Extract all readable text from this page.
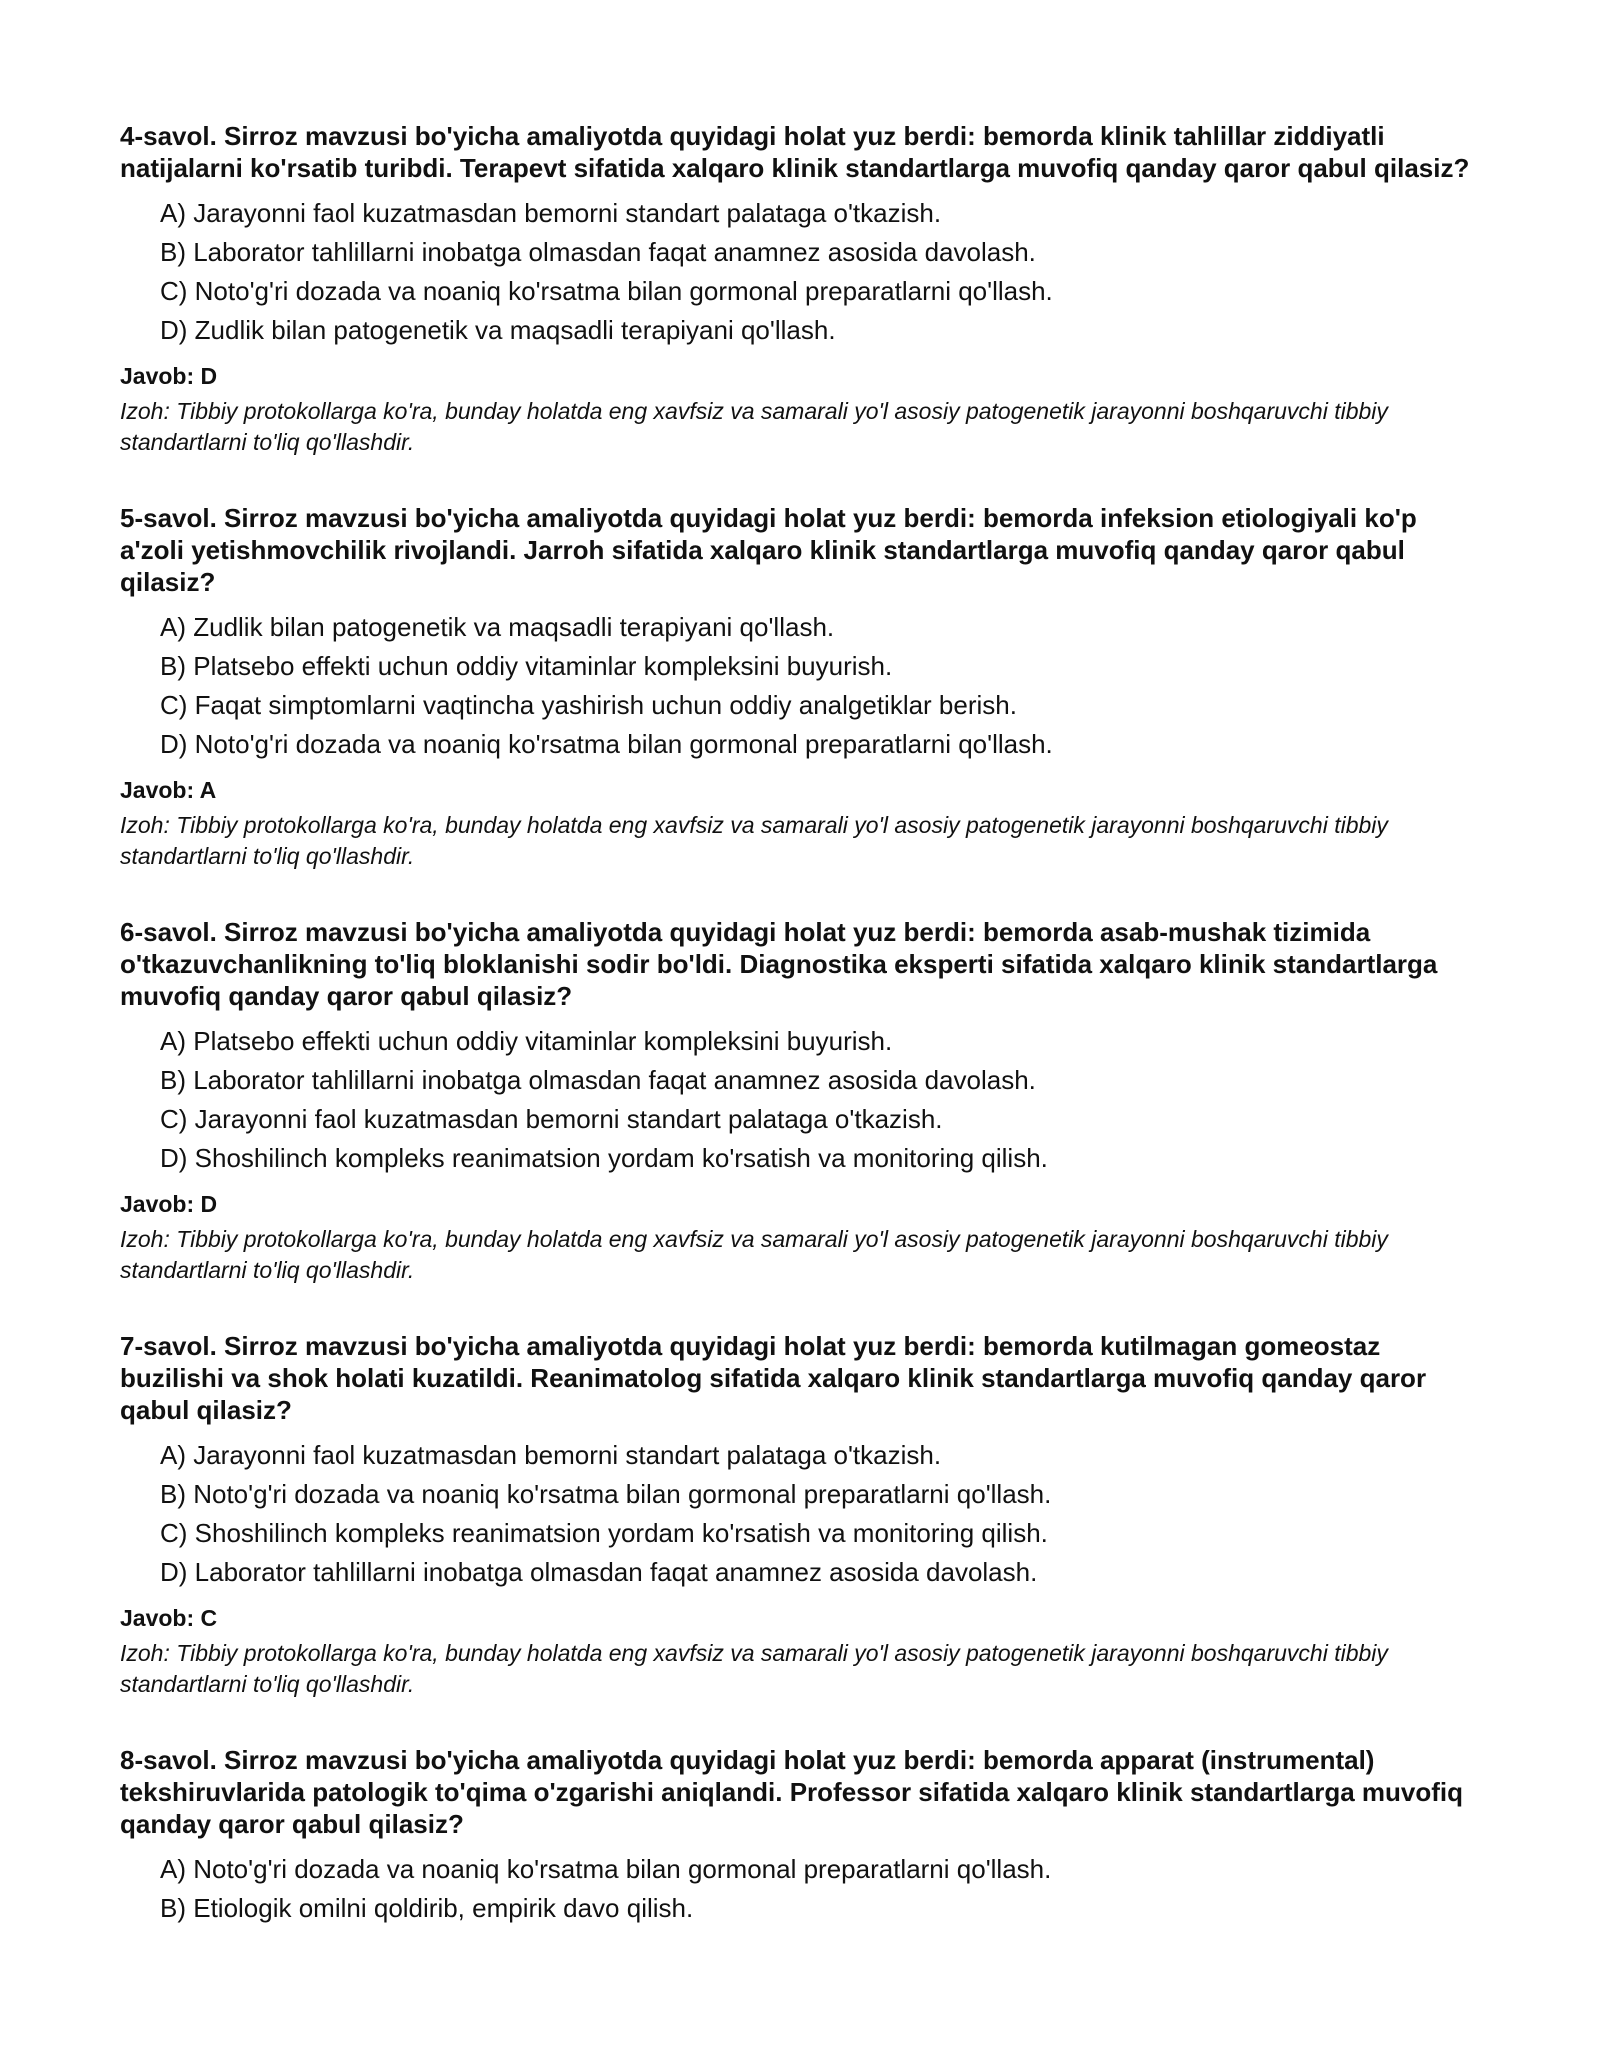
4-savol. Sirroz mavzusi bo'yicha amaliyotda quyidagi holat yuz berdi: bemorda klinik tahlillar ziddiyatli natijalarni ko'rsatib turibdi. Terapevt sifatida xalqaro klinik standartlarga muvofiq qanday qaror qabul qilasiz?

A) Jarayonni faol kuzatmasdan bemorni standart palataga o'tkazish.
B) Laborator tahlillarni inobatga olmasdan faqat anamnez asosida davolash.
C) Noto'g'ri dozada va noaniq ko'rsatma bilan gormonal preparatlarni qo'llash.
D) Zudlik bilan patogenetik va maqsadli terapiyani qo'llash.

Javob: D

Izoh: Tibbiy protokollarga ko'ra, bunday holatda eng xavfsiz va samarali yo'l asosiy patogenetik jarayonni boshqaruvchi tibbiy standartlarni to'liq qo'llashdir.

5-savol. Sirroz mavzusi bo'yicha amaliyotda quyidagi holat yuz berdi: bemorda infeksion etiologiyali ko'p a'zoli yetishmovchilik rivojlandi. Jarroh sifatida xalqaro klinik standartlarga muvofiq qanday qaror qabul qilasiz?

A) Zudlik bilan patogenetik va maqsadli terapiyani qo'llash.
B) Platsebo effekti uchun oddiy vitaminlar kompleksini buyurish.
C) Faqat simptomlarni vaqtincha yashirish uchun oddiy analgetiklar berish.
D) Noto'g'ri dozada va noaniq ko'rsatma bilan gormonal preparatlarni qo'llash.

Javob: A

Izoh: Tibbiy protokollarga ko'ra, bunday holatda eng xavfsiz va samarali yo'l asosiy patogenetik jarayonni boshqaruvchi tibbiy standartlarni to'liq qo'llashdir.

6-savol. Sirroz mavzusi bo'yicha amaliyotda quyidagi holat yuz berdi: bemorda asab-mushak tizimida o'tkazuvchanlikning to'liq bloklanishi sodir bo'ldi. Diagnostika eksperti sifatida xalqaro klinik standartlarga muvofiq qanday qaror qabul qilasiz?

A) Platsebo effekti uchun oddiy vitaminlar kompleksini buyurish.
B) Laborator tahlillarni inobatga olmasdan faqat anamnez asosida davolash.
C) Jarayonni faol kuzatmasdan bemorni standart palataga o'tkazish.
D) Shoshilinch kompleks reanimatsion yordam ko'rsatish va monitoring qilish.

Javob: D

Izoh: Tibbiy protokollarga ko'ra, bunday holatda eng xavfsiz va samarali yo'l asosiy patogenetik jarayonni boshqaruvchi tibbiy standartlarni to'liq qo'llashdir.

7-savol. Sirroz mavzusi bo'yicha amaliyotda quyidagi holat yuz berdi: bemorda kutilmagan gomeostaz buzilishi va shok holati kuzatildi. Reanimatolog sifatida xalqaro klinik standartlarga muvofiq qanday qaror qabul qilasiz?

A) Jarayonni faol kuzatmasdan bemorni standart palataga o'tkazish.
B) Noto'g'ri dozada va noaniq ko'rsatma bilan gormonal preparatlarni qo'llash.
C) Shoshilinch kompleks reanimatsion yordam ko'rsatish va monitoring qilish.
D) Laborator tahlillarni inobatga olmasdan faqat anamnez asosida davolash.

Javob: C

Izoh: Tibbiy protokollarga ko'ra, bunday holatda eng xavfsiz va samarali yo'l asosiy patogenetik jarayonni boshqaruvchi tibbiy standartlarni to'liq qo'llashdir.

8-savol. Sirroz mavzusi bo'yicha amaliyotda quyidagi holat yuz berdi: bemorda apparat (instrumental) tekshiruvlarida patologik to'qima o'zgarishi aniqlandi. Professor sifatida xalqaro klinik standartlarga muvofiq qanday qaror qabul qilasiz?

A) Noto'g'ri dozada va noaniq ko'rsatma bilan gormonal preparatlarni qo'llash.
B) Etiologik omilni qoldirib, empirik davo qilish.
